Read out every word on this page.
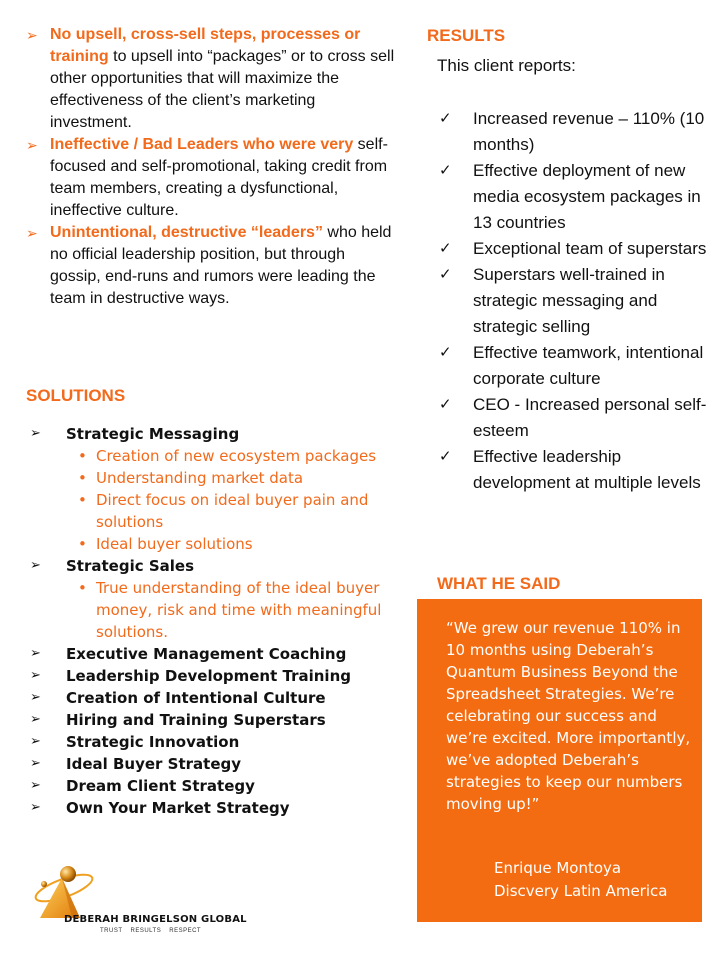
➢ No upsell, cross-sell steps, processes or training to upsell into “packages” or to cross sell other opportunities that will maximize the effectiveness of the client’s marketing investment.
➢ Ineffective / Bad Leaders who were very self-focused and self-promotional, taking credit from team members, creating a dysfunctional, ineffective culture.
➢ Unintentional, destructive “leaders” who held no official leadership position, but through gossip, end-runs and rumors were leading the team in destructive ways.
SOLUTIONS
➢ Strategic Messaging
• Creation of new ecosystem packages
• Understanding market data
• Direct focus on ideal buyer pain and solutions
• Ideal buyer solutions
➢ Strategic Sales
• True understanding of the ideal buyer money, risk and time with meaningful solutions.
➢ Executive Management Coaching
➢ Leadership Development Training
➢ Creation of Intentional Culture
➢ Hiring and Training Superstars
➢ Strategic Innovation
➢ Ideal Buyer Strategy
➢ Dream Client Strategy
➢ Own Your Market Strategy
RESULTS

This client reports:

✓ Increased revenue – 110% (10 months)
✓ Effective deployment of new media ecosystem packages in 13 countries
✓ Exceptional team of superstars
✓ Superstars well-trained in strategic messaging and strategic selling
✓ Effective teamwork, intentional corporate culture
✓ CEO - Increased personal self-esteem
✓ Effective leadership development at multiple levels
WHAT HE SAID

“We grew our revenue 110% in 10 months using Deberah’s Quantum Business Beyond the Spreadsheet Strategies. We’re celebrating our success and we’re excited. More importantly, we’ve adopted Deberah’s strategies to keep our numbers moving up!”

Enrique Montoya
Discvery Latin America
DEBERAH BRINGELSON GLOBAL
TRUST RESULTS RESPECT
